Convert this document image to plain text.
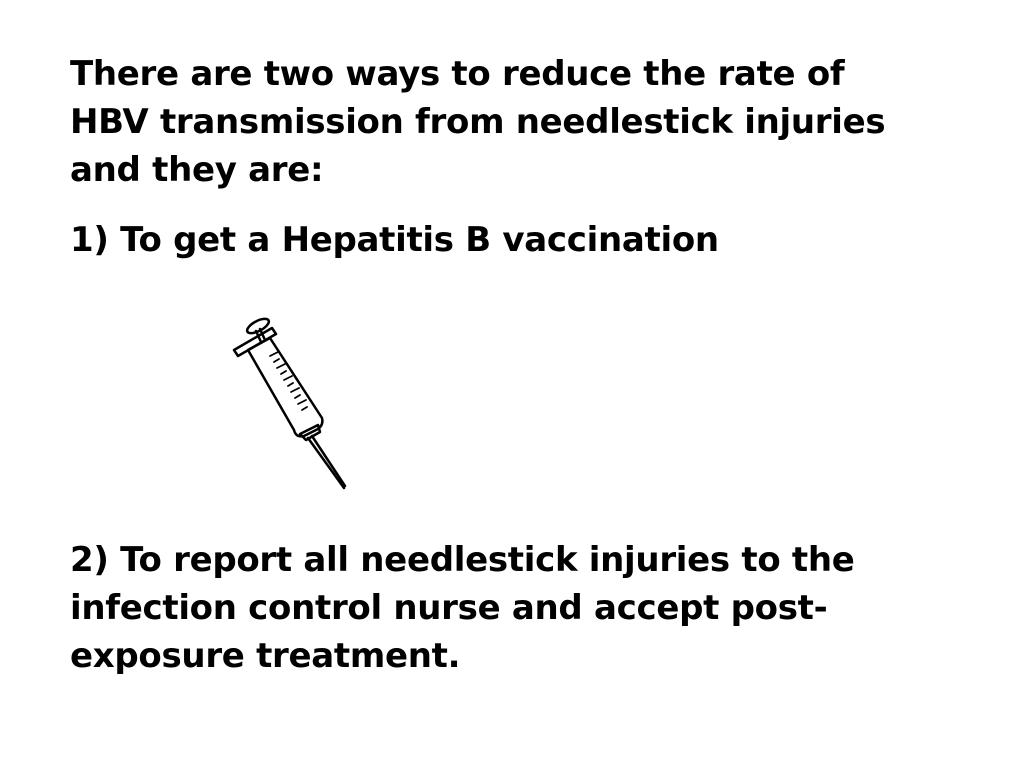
There are two ways to reduce the rate of
HBV transmission from needlestick injuries
and they are:
1) To get a Hepatitis B vaccination
2) To report all needlestick injuries to the
infection control nurse and accept post-
exposure treatment.
